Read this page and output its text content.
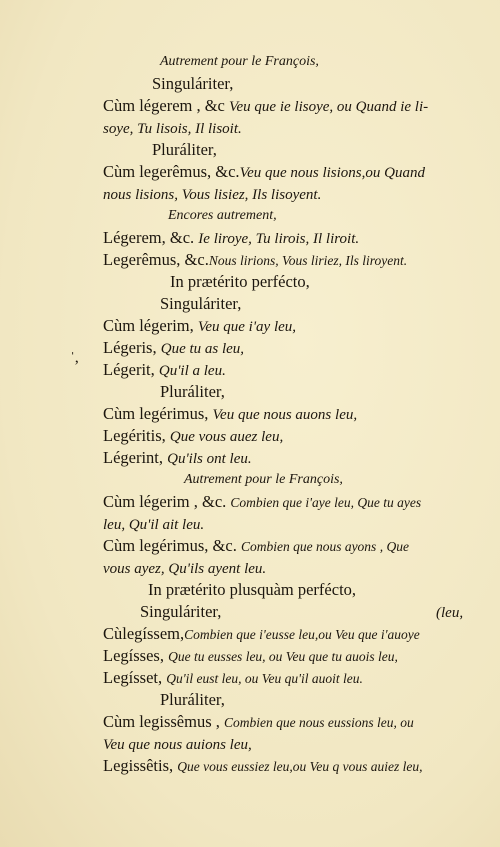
Autrement pour le François,
Singuláriter,
Cùm légerem , &c Veu que ie lisoye, ou Quand ie li-
soye, Tu lisois, Il lisoit.
Pluráliter,
Cùm legerêmus, &c.Veu que nous lisions,ou Quand
nous lisions, Vous lisiez, Ils lisoyent.
Encores autrement,
Légerem, &c. Ie liroye, Tu lirois, Il liroit.
Legerêmus, &c.Nous lirions, Vous liriez, Ils liroyent.
In prætérito perfécto,
Singuláriter,
Cùm légerim, Veu que i'ay leu,
Légeris, Que tu as leu,
Légerit, Qu'il a leu.
Pluráliter,
Cùm legérimus, Veu que nous auons leu,
Legéritis, Que vous auez leu,
Légerint, Qu'ils ont leu.
Autrement pour le François,
Cùm légerim , &c. Combien que i'aye leu, Que tu ayes
leu, Qu'il ait leu.
Cùm legérimus, &c. Combien que nous ayons , Que
vous ayez, Qu'ils ayent leu.
In prætérito plusquàm perfécto,
Singuláriter,	(leu,
Cùlegíssem,Combien que i'eusse leu,ou Veu que i'auoye
Legísses, Que tu eusses leu, ou Veu que tu auois leu,
Legísset, Qu'il eust leu, ou Veu qu'il auoit leu.
Pluráliter,
Cùm legissêmus , Combien que nous eussions leu, ou
Veu que nous auions leu,
Legissêtis, Que vous eussiez leu,ou Veu q vous auiez leu,
ˌ
ʼ
